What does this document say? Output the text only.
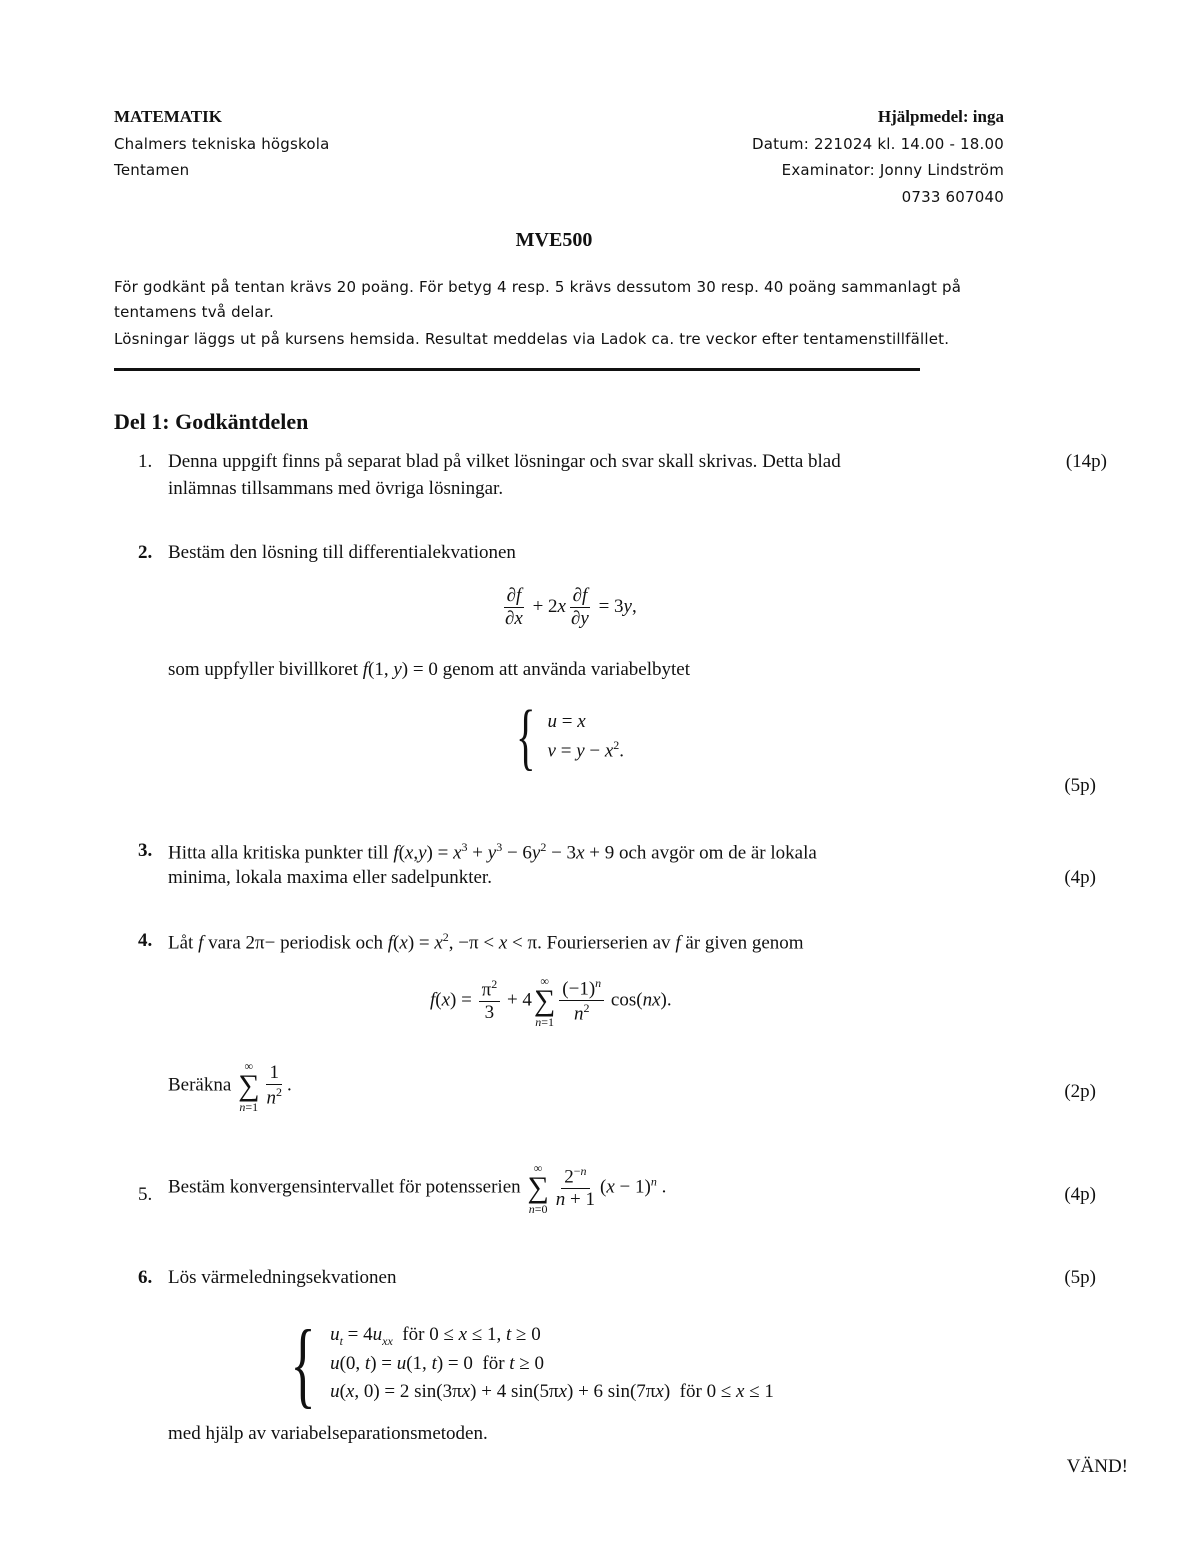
MATEMATIK
Chalmers tekniska högskola
Tentamen
Hjälpmedel: inga
Datum: 221024 kl. 14.00 - 18.00
Examinator: Jonny Lindström
0733 607040
MVE500
För godkänt på tentan krävs 20 poäng. För betyg 4 resp. 5 krävs dessutom 30 resp. 40 poäng sammanlagt på
tentamens två delar.
Lösningar läggs ut på kursens hemsida. Resultat meddelas via Ladok ca. tre veckor efter tentamenstillfället.
Del 1: Godkäntdelen
1. Denna uppgift finns på separat blad på vilket lösningar och svar skall skrivas. Detta blad
inlämnas tillsammans med övriga lösningar.
(14p)
2. Bestäm den lösning till differentialekvationen
$\frac{\partial f}{\partial x} + 2x \frac{\partial f}{\partial y} = 3y$,
som uppfyller bivillkoret f(1, y) = 0 genom att använda variabelbytet
{ u = x
$v = y - x^2$.
(5p)
3. Hitta alla kritiska punkter till $f(x,y) = x^3 + y^3 - 6y^2 - 3x + 9$ och avgör om de är lokala
minima, lokala maxima eller sadelpunkter.	(4p)
4. Låt f vara 2π− periodisk och $f(x) = x^2$, −π < x < π. Fourierserien av f är given genom
$f(x) = \frac{\pi^2}{3} + 4$
∞
∑
$n=1 \frac{(-1)^n}{n^2} \cos(nx)$.
Beräkna
∞
∑
$n=1 \frac{1}{n^2}$ .	(2p)
5. Bestäm konvergensintervallet för potensserien
∞
∑
$n=0 \frac{2^{-n}}{n + 1} (x - 1)^n$ .	(4p)
6. Lös värmeledningsekvationen	(5p)
{ $u_t = 4u_{xx}$ för 0 ≤ x ≤ 1, t ≥ 0
u(0, t) = u(1, t) = 0  för t ≥ 0
u(x, 0) = 2 sin(3πx) + 4 sin(5πx) + 6 sin(7πx)  för 0 ≤ x ≤ 1
med hjälp av variabelseparationsmetoden.
VÄND!
